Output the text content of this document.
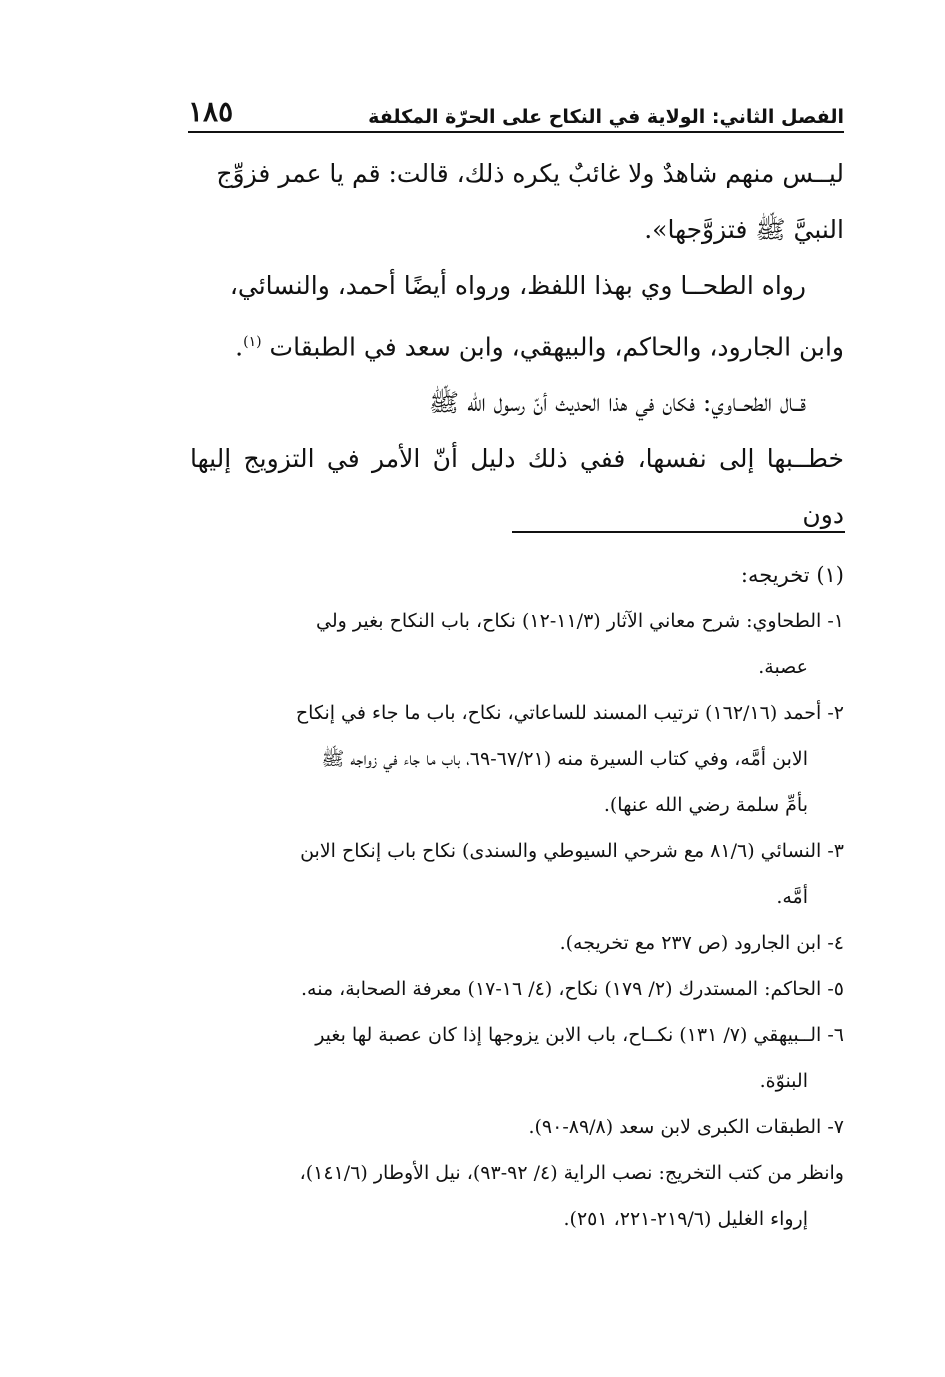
١٨٥	الفصل الثاني: الولاية في النكاح على الحرّة المكلفة

ليــس منهم شاهدٌ ولا غائبٌ يكره ذلك، قالت: قم يا عمر فزوِّج
النبيَّ ﷺ فتزوَّجها».

رواه الطحــا وي بهذا اللفظ، ورواه أيضًا أحمد، والنسائي،
وابن الجارود، والحاكم، والبيهقي، وابن سعد في الطبقات $^{(١)}$.

قــال الطحــاوي: فكان في هذا الحديث أنّ رسول الله ﷺ
خطــبها إلى نفسها، ففي ذلك دليل أنّ الأمر في التزويج إليها دون

(١) تخريجه:

١- الطحاوي: شرح معاني الآثار (١١/٣-١٢) نكاح، باب النكاح بغير ولي
عصبة.

٢- أحمد (١٦٢/١٦) ترتيب المسند للساعاتي، نكاح، باب ما جاء في إنكاح
الابن أمَّه، وفي كتاب السيرة منه (٦٧/٢١-٦٩، باب ما جاء في زواجه ﷺ
بأمِّ سلمة رضي الله عنها).

٣- النسائي (٨١/٦ مع شرحي السيوطي والسندى) نكاح باب إنكاح الابن
أمَّه.

٤- ابن الجارود (ص ٢٣٧ مع تخريجه).

٥- الحاكم: المستدرك (٢/ ١٧٩) نكاح، (٤/ ١٦-١٧) معرفة الصحابة، منه.

٦- الــبيهقي (٧/ ١٣١) نكــاح، باب الابن يزوجها إذا كان عصبة لها بغير
البنوّة.

٧- الطبقات الكبرى لابن سعد (٨٩/٨-٩٠).

وانظر من كتب التخريج: نصب الراية (٤/ ٩٢-٩٣)، نيل الأوطار (١٤١/٦)،
إرواء الغليل (٢١٩/٦-٢٢١، ٢٥١).
